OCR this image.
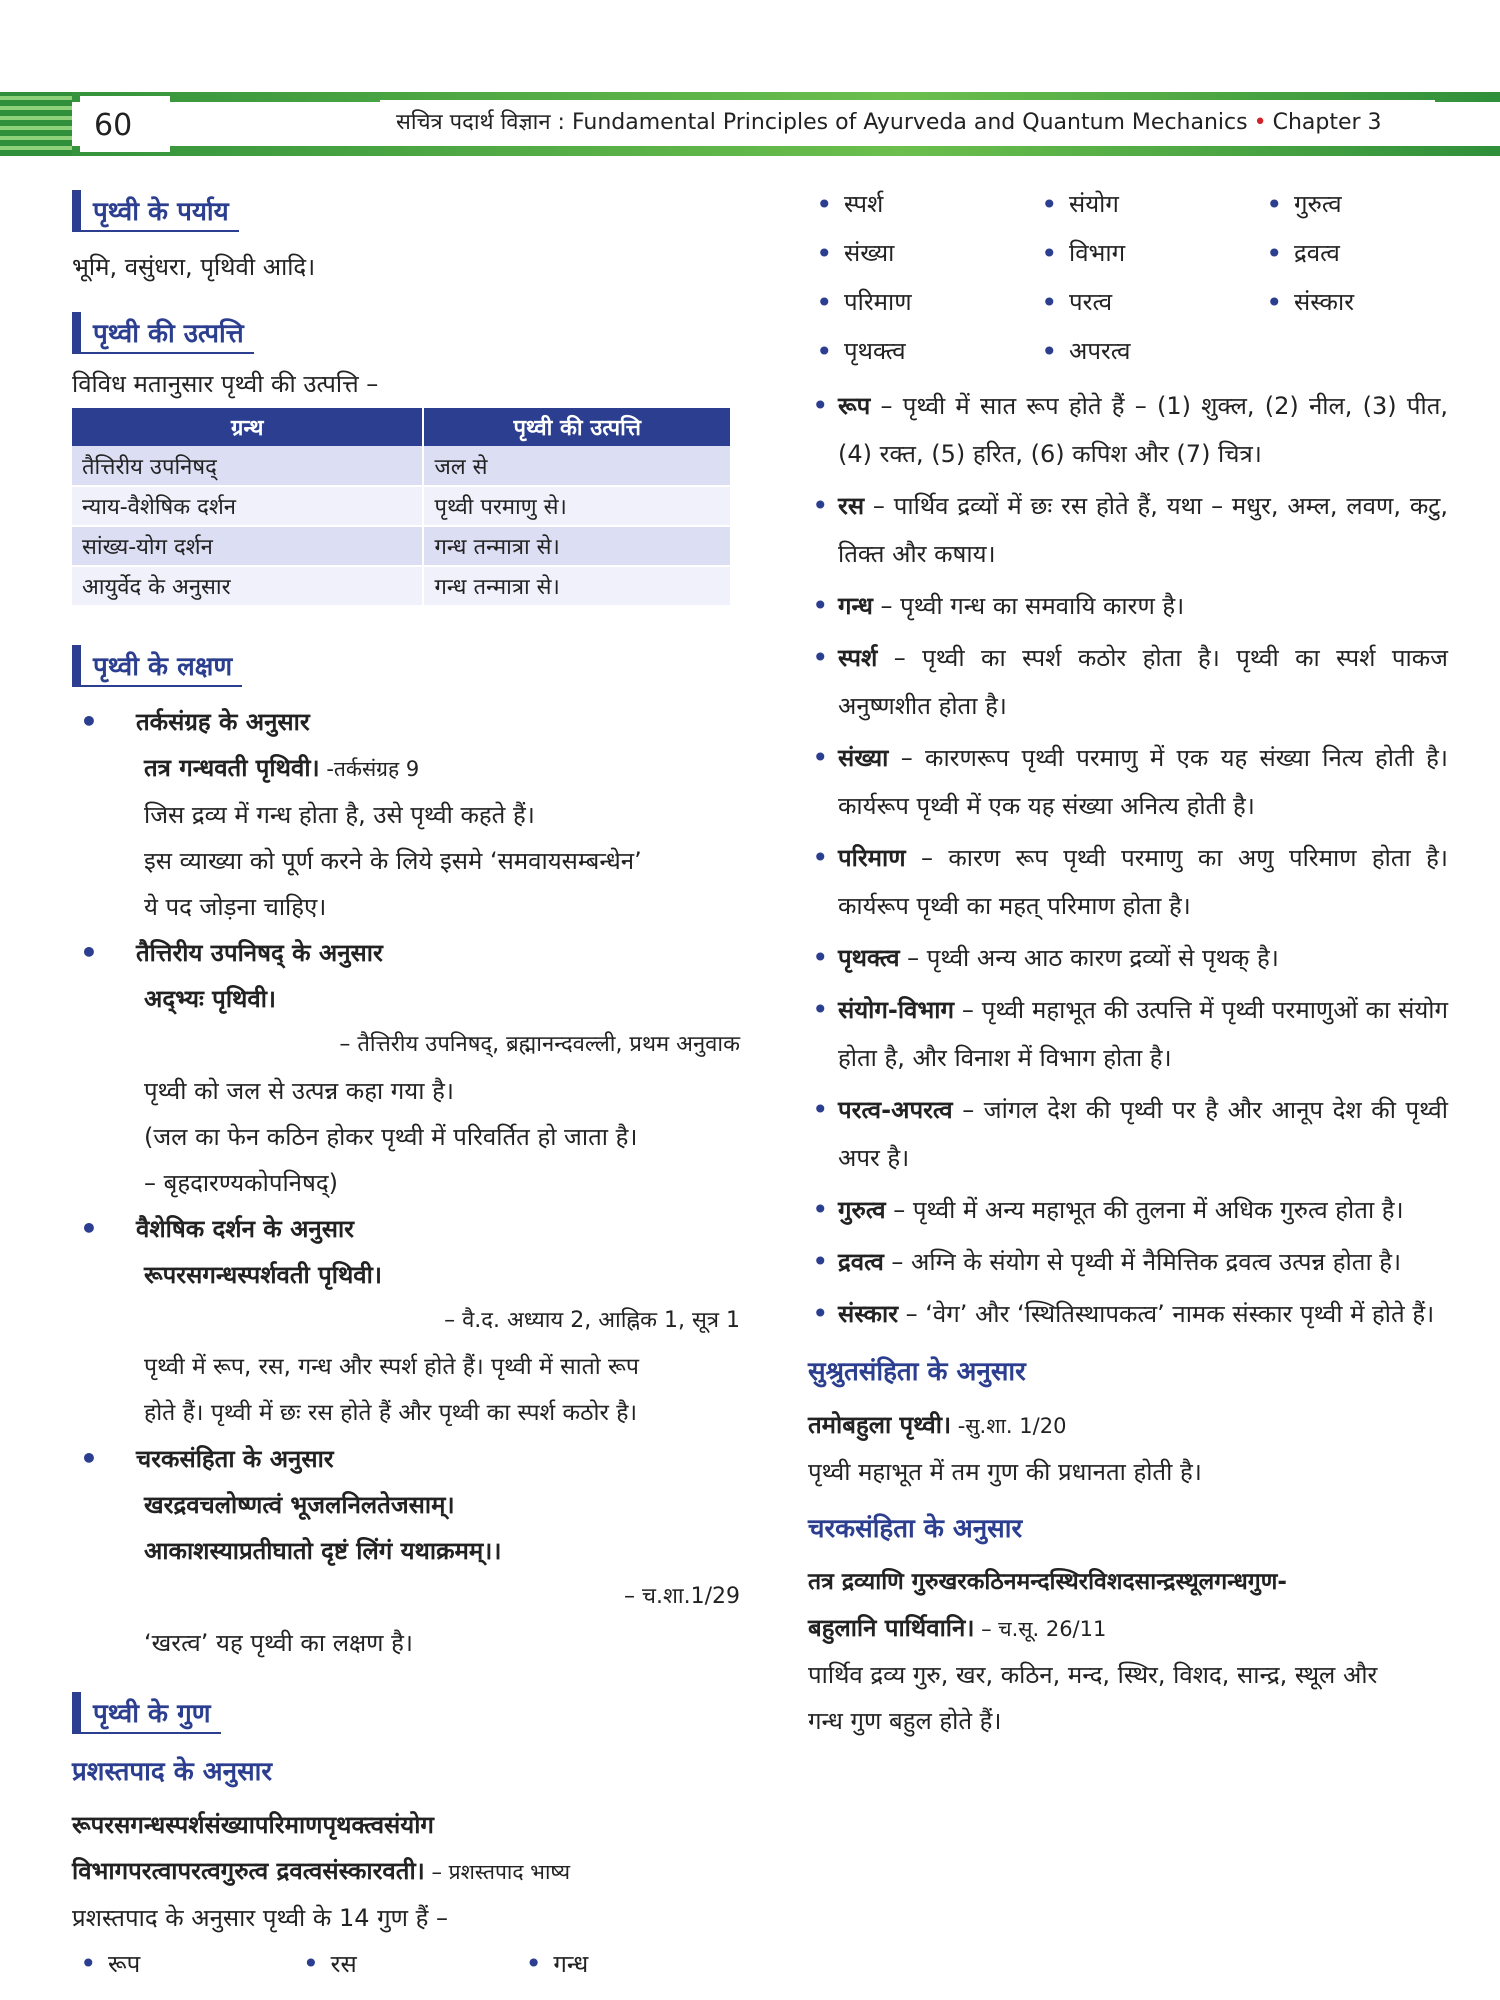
60	सचित्र पदार्थ विज्ञान : Fundamental Principles of Ayurveda and Quantum Mechanics • Chapter 3
पृथ्वी के पर्याय

भूमि, वसुंधरा, पृथिवी आदि।

पृथ्वी की उत्पत्ति

विविध मतानुसार पृथ्वी की उत्पत्ति –

ग्रन्थ	पृथ्वी की उत्पत्ति
तैत्तिरीय उपनिषद्	जल से
न्याय-वैशेषिक दर्शन	पृथ्वी परमाणु से।
सांख्य-योग दर्शन	गन्ध तन्मात्रा से।
आयुर्वेद के अनुसार	गन्ध तन्मात्रा से।
पृथ्वी के लक्षण
• तर्कसंग्रह के अनुसार

तत्र गन्धवती पृथिवी। -तर्कसंग्रह 9

जिस द्रव्य में गन्ध होता है, उसे पृथ्वी कहते हैं।

इस व्याख्या को पूर्ण करने के लिये इसमे ‘समवायसम्बन्धेन’

ये पद जोड़ना चाहिए।

• तैत्तिरीय उपनिषद् के अनुसार

अद्भ्यः पृथिवी।

– तैत्तिरीय उपनिषद्, ब्रह्मानन्दवल्ली, प्रथम अनुवाक

पृथ्वी को जल से उत्पन्न कहा गया है।

(जल का फेन कठिन होकर पृथ्वी में परिवर्तित हो जाता है।

– बृहदारण्यकोपनिषद्)

• वैशेषिक दर्शन के अनुसार

रूपरसगन्धस्पर्शवती पृथिवी।

– वै.द. अध्याय 2, आह्निक 1, सूत्र 1

पृथ्वी में रूप, रस, गन्ध और स्पर्श होते हैं। पृथ्वी में सातो रूप

होते हैं। पृथ्वी में छः रस होते हैं और पृथ्वी का स्पर्श कठोर है।

• चरकसंहिता के अनुसार

खरद्रवचलोष्णत्वं भूजलनिलतेजसाम्।

आकाशस्याप्रतीघातो दृष्टं लिंगं यथाक्रमम्।।

– च.शा.1/29

‘खरत्व’ यह पृथ्वी का लक्षण है।

पृथ्वी के गुण
प्रशस्तपाद के अनुसार

रूपरसगन्धस्पर्शसंख्यापरिमाणपृथक्त्वसंयोग

विभागपरत्वापरत्वगुरुत्व द्रवत्वसंस्कारवती। – प्रशस्तपाद भाष्य

प्रशस्तपाद के अनुसार पृथ्वी के 14 गुण हैं –

• रूप	• रस	• गन्ध
• स्पर्श	• संयोग	• गुरुत्व
• संख्या	• विभाग	• द्रवत्व
• परिमाण	• परत्व	• संस्कार
• पृथक्त्व	• अपरत्व
• रूप – पृथ्वी में सात रूप होते हैं – (1) शुक्ल, (2) नील, (3) पीत, (4) रक्त, (5) हरित, (6) कपिश और (7) चित्र।
• रस – पार्थिव द्रव्यों में छः रस होते हैं, यथा – मधुर, अम्ल, लवण, कटु, तिक्त और कषाय।
• गन्ध – पृथ्वी गन्ध का समवायि कारण है।
• स्पर्श – पृथ्वी का स्पर्श कठोर होता है। पृथ्वी का स्पर्श पाकज अनुष्णशीत होता है।
• संख्या – कारणरूप पृथ्वी परमाणु में एक यह संख्या नित्य होती है। कार्यरूप पृथ्वी में एक यह संख्या अनित्य होती है।
• परिमाण – कारण रूप पृथ्वी परमाणु का अणु परिमाण होता है। कार्यरूप पृथ्वी का महत् परिमाण होता है।
• पृथक्त्व – पृथ्वी अन्य आठ कारण द्रव्यों से पृथक् है।
• संयोग-विभाग – पृथ्वी महाभूत की उत्पत्ति में पृथ्वी परमाणुओं का संयोग होता है, और विनाश में विभाग होता है।
• परत्व-अपरत्व – जांगल देश की पृथ्वी पर है और आनूप देश की पृथ्वी अपर है।
• गुरुत्व – पृथ्वी में अन्य महाभूत की तुलना में अधिक गुरुत्व होता है।
• द्रवत्व – अग्नि के संयोग से पृथ्वी में नैमित्तिक द्रवत्व उत्पन्न होता है।
• संस्कार – ‘वेग’ और ‘स्थितिस्थापकत्व’ नामक संस्कार पृथ्वी में होते हैं।
सुश्रुतसंहिता के अनुसार

तमोबहुला पृथ्वी। -सु.शा. 1/20

पृथ्वी महाभूत में तम गुण की प्रधानता होती है।

चरकसंहिता के अनुसार

तत्र द्रव्याणि गुरुखरकठिनमन्दस्थिरविशदसान्द्रस्थूलगन्धगुण-

बहुलानि पार्थिवानि। – च.सू. 26/11

पार्थिव द्रव्य गुरु, खर, कठिन, मन्द, स्थिर, विशद, सान्द्र, स्थूल और

गन्ध गुण बहुल होते हैं।
